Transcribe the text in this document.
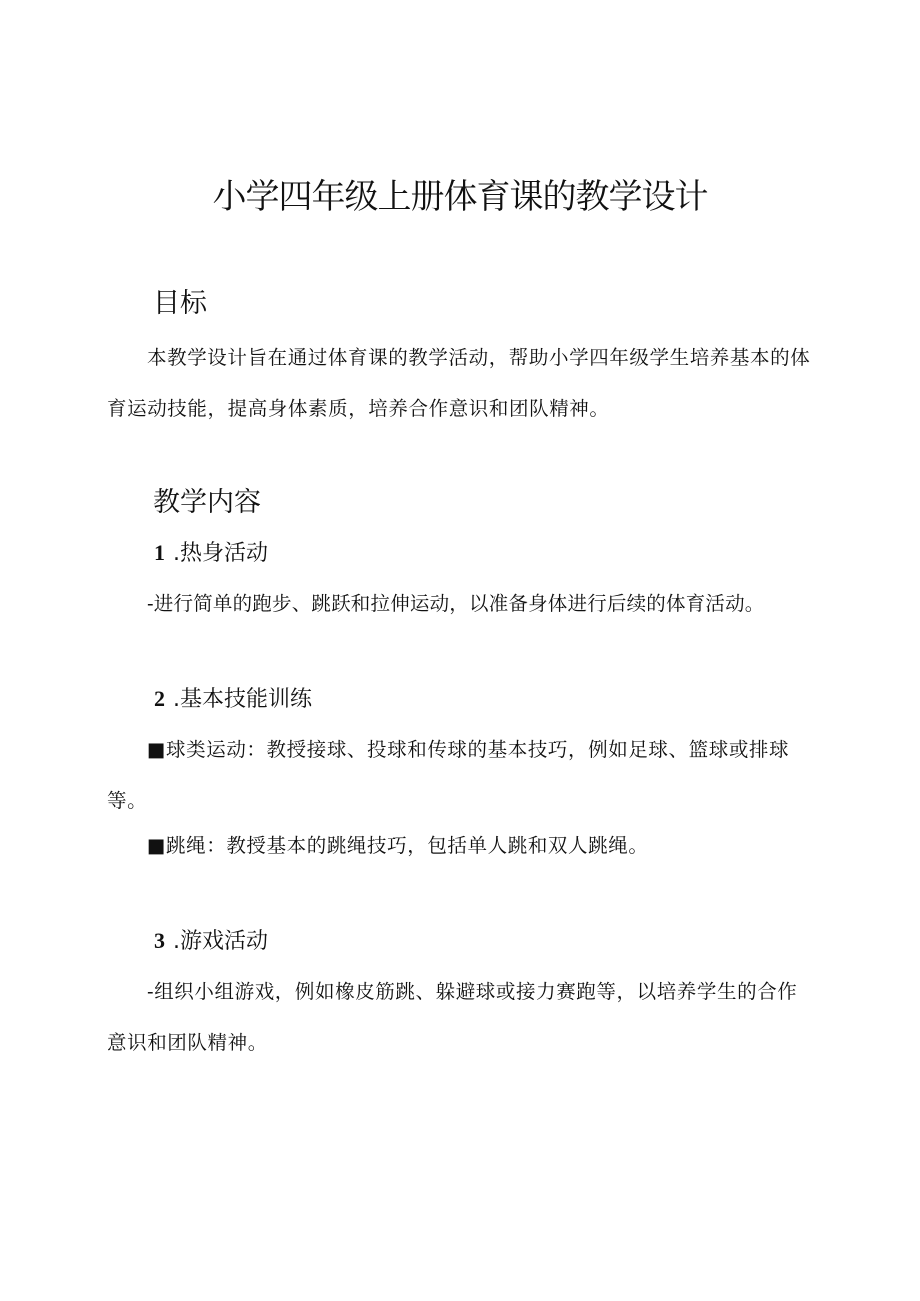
小学四年级上册体育课的教学设计
目标

本教学设计旨在通过体育课的教学活动，帮助小学四年级学生培养基本的体育运动技能，提高身体素质，培养合作意识和团队精神。

教学内容
1 .热身活动

-进行简单的跑步、跳跃和拉伸运动，以准备身体进行后续的体育活动。

2 .基本技能训练

■球类运动：教授接球、投球和传球的基本技巧，例如足球、篮球或排球等。

■跳绳：教授基本的跳绳技巧，包括单人跳和双人跳绳。

3 .游戏活动

-组织小组游戏，例如橡皮筋跳、躲避球或接力赛跑等，以培养学生的合作意识和团队精神。
